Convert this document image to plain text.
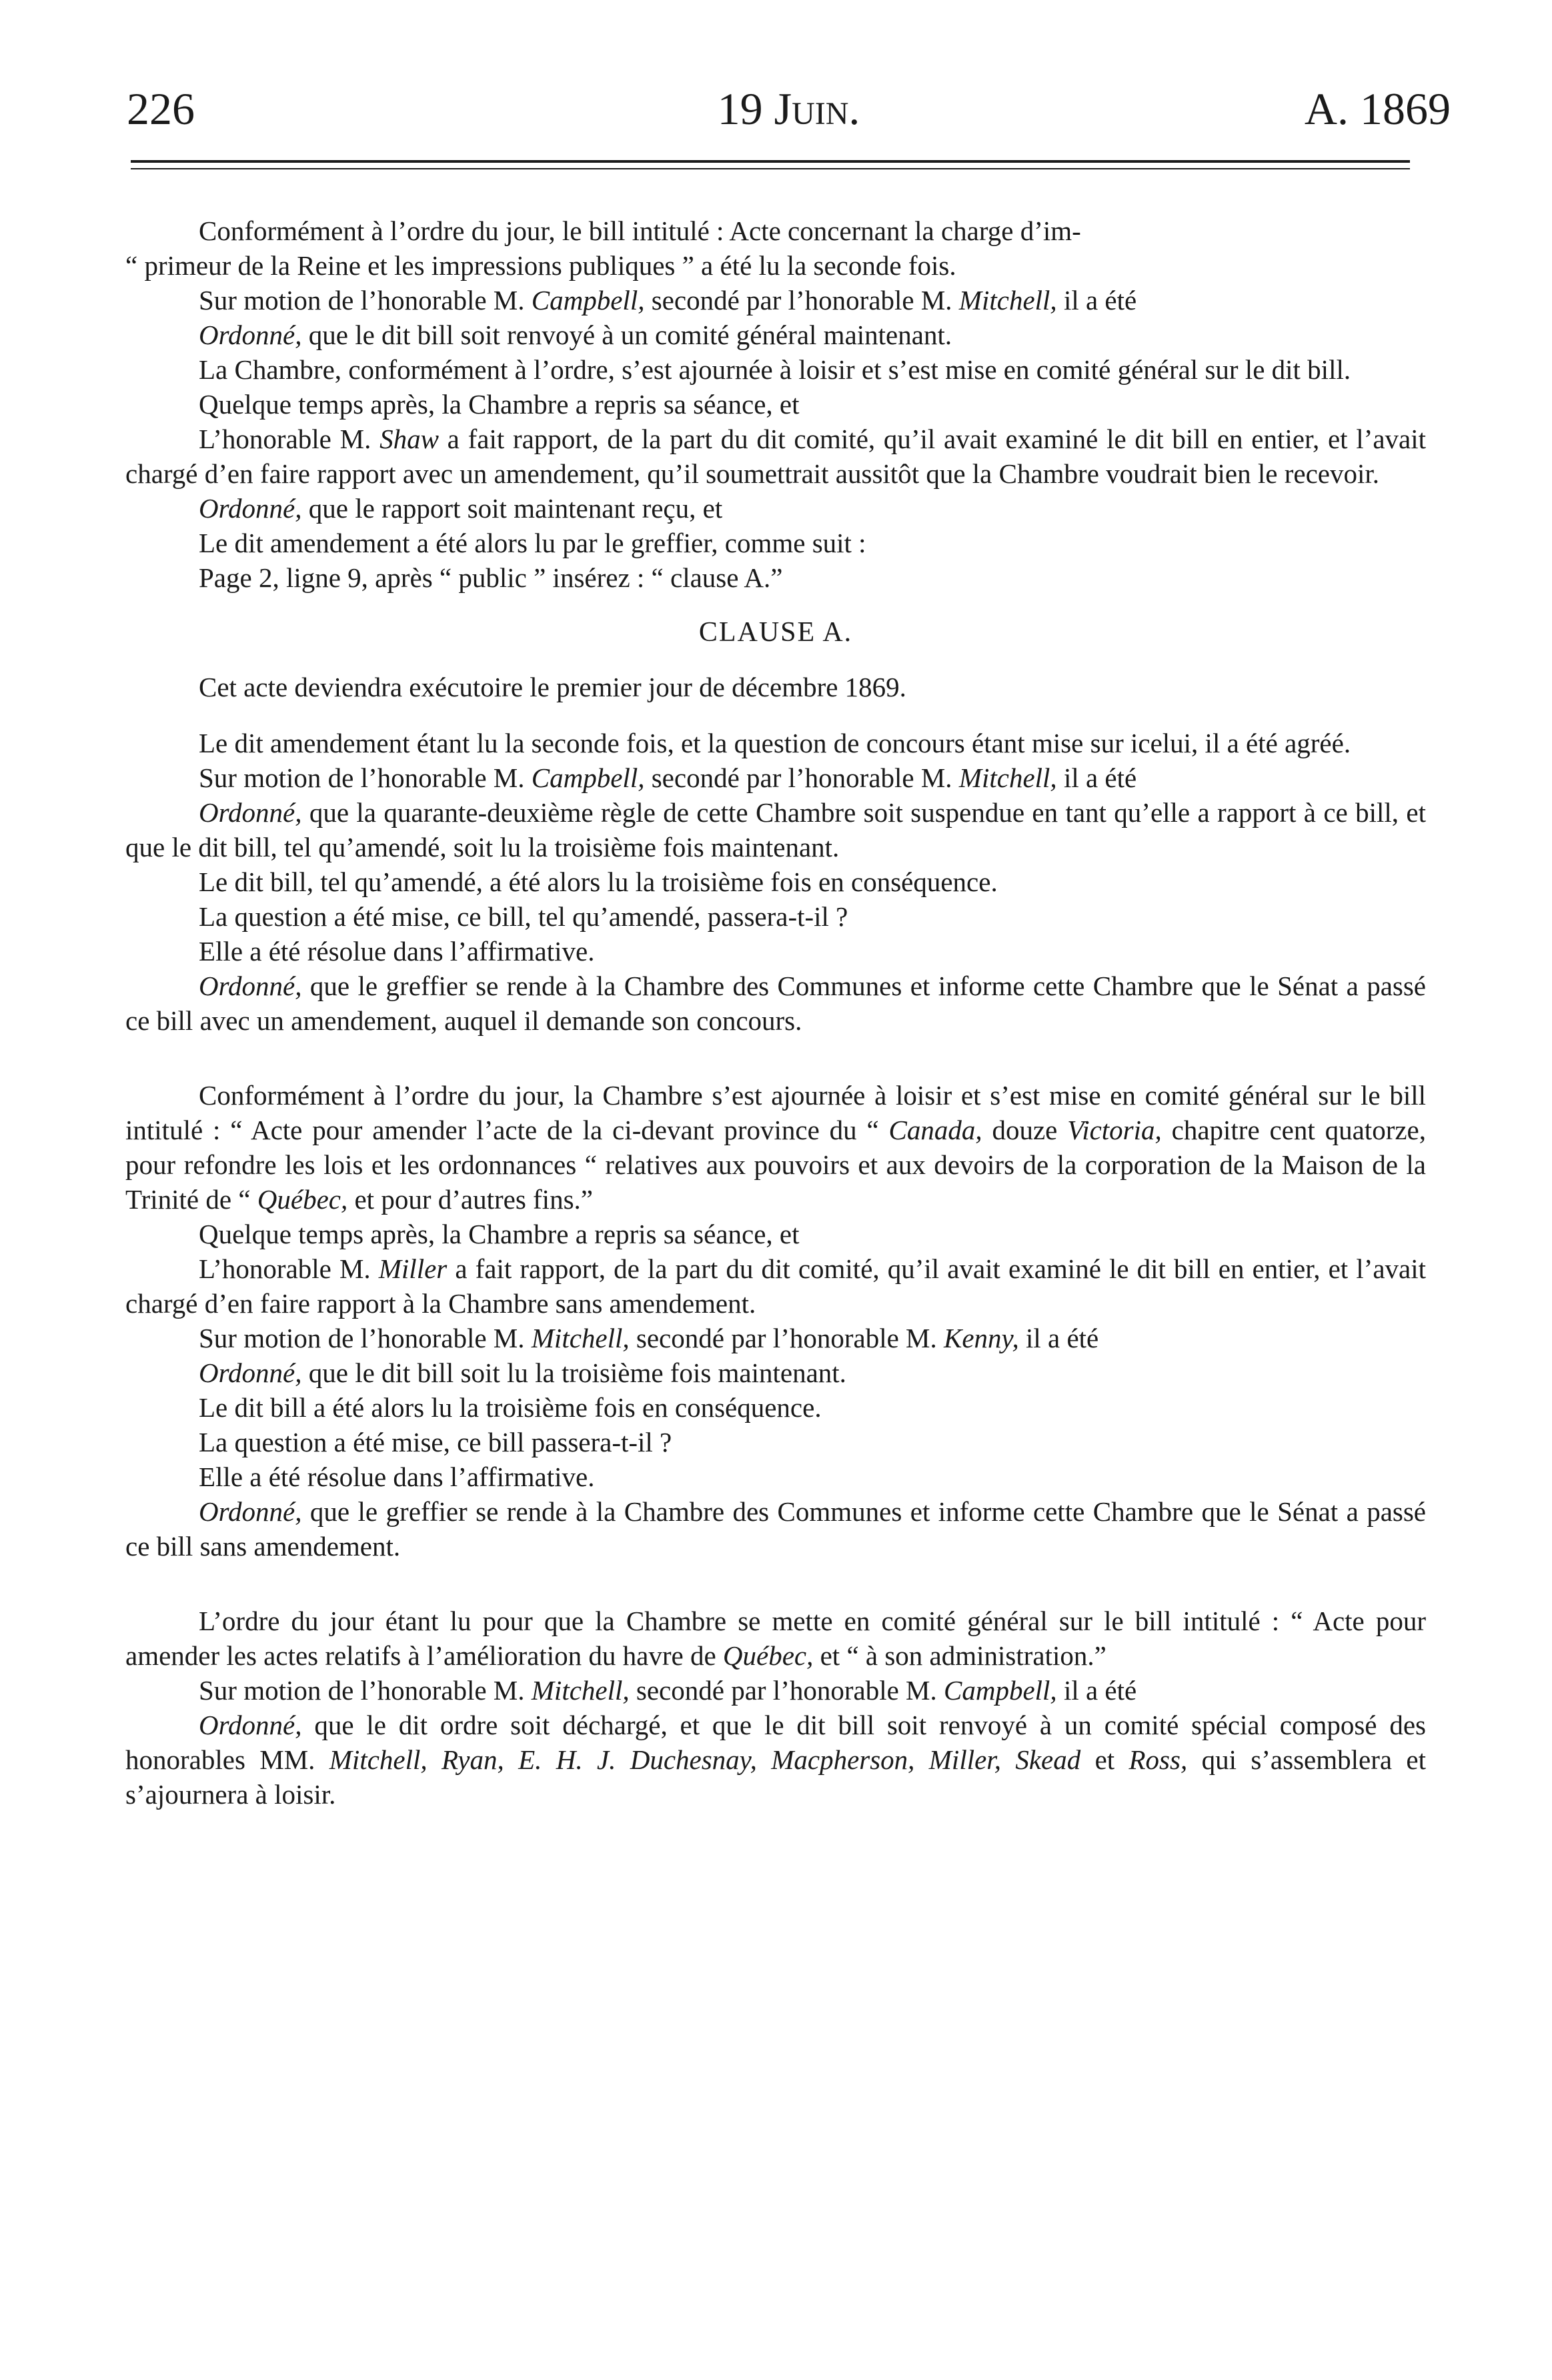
226	19 Juin.	A. 1869

Conformément à l’ordre du jour, le bill intitulé : Acte concernant la charge d’im-

“ primeur de la Reine et les impressions publiques ” a été lu la seconde fois.

Sur motion de l’honorable M. Campbell, secondé par l’honorable M. Mitchell, il a été

Ordonné, que le dit bill soit renvoyé à un comité général maintenant.

La Chambre, conformément à l’ordre, s’est ajournée à loisir et s’est mise en comité général sur le dit bill.

Quelque temps après, la Chambre a repris sa séance, et

L’honorable M. Shaw a fait rapport, de la part du dit comité, qu’il avait examiné le dit bill en entier, et l’avait chargé d’en faire rapport avec un amendement, qu’il soumettrait aussitôt que la Chambre voudrait bien le recevoir.

Ordonné, que le rapport soit maintenant reçu, et

Le dit amendement a été alors lu par le greffier, comme suit :

Page 2, ligne 9, après “ public ” insérez : “ clause A.”

CLAUSE A.

Cet acte deviendra exécutoire le premier jour de décembre 1869.

Le dit amendement étant lu la seconde fois, et la question de concours étant mise sur icelui, il a été agréé.

Sur motion de l’honorable M. Campbell, secondé par l’honorable M. Mitchell, il a été

Ordonné, que la quarante-deuxième règle de cette Chambre soit suspendue en tant qu’elle a rapport à ce bill, et que le dit bill, tel qu’amendé, soit lu la troisième fois maintenant.

Le dit bill, tel qu’amendé, a été alors lu la troisième fois en conséquence.

La question a été mise, ce bill, tel qu’amendé, passera-t-il ?

Elle a été résolue dans l’affirmative.

Ordonné, que le greffier se rende à la Chambre des Communes et informe cette Chambre que le Sénat a passé ce bill avec un amendement, auquel il demande son concours.

Conformément à l’ordre du jour, la Chambre s’est ajournée à loisir et s’est mise en comité général sur le bill intitulé : “ Acte pour amender l’acte de la ci-devant province du “ Canada, douze Victoria, chapitre cent quatorze, pour refondre les lois et les ordonnances “ relatives aux pouvoirs et aux devoirs de la corporation de la Maison de la Trinité de “ Québec, et pour d’autres fins.”

Quelque temps après, la Chambre a repris sa séance, et

L’honorable M. Miller a fait rapport, de la part du dit comité, qu’il avait examiné le dit bill en entier, et l’avait chargé d’en faire rapport à la Chambre sans amendement.

Sur motion de l’honorable M. Mitchell, secondé par l’honorable M. Kenny, il a été

Ordonné, que le dit bill soit lu la troisième fois maintenant.

Le dit bill a été alors lu la troisième fois en conséquence.

La question a été mise, ce bill passera-t-il ?

Elle a été résolue dans l’affirmative.

Ordonné, que le greffier se rende à la Chambre des Communes et informe cette Chambre que le Sénat a passé ce bill sans amendement.

L’ordre du jour étant lu pour que la Chambre se mette en comité général sur le bill intitulé : “ Acte pour amender les actes relatifs à l’amélioration du havre de Québec, et “ à son administration.”

Sur motion de l’honorable M. Mitchell, secondé par l’honorable M. Campbell, il a été

Ordonné, que le dit ordre soit déchargé, et que le dit bill soit renvoyé à un comité spécial composé des honorables MM. Mitchell, Ryan, E. H. J. Duchesnay, Macpherson, Miller, Skead et Ross, qui s’assemblera et s’ajournera à loisir.
